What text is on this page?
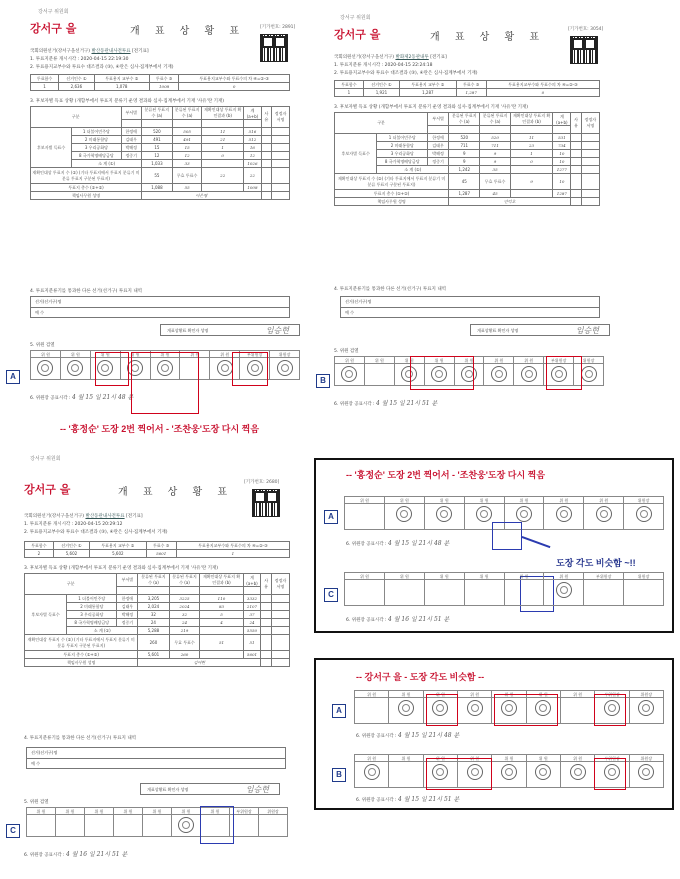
강서구 위원회
강서구 을	개 표 상 황 표	[기가번호: 2891]
국회의원선거(강서구을선거구) 발산동관내사전투표 [전기표]
1. 투표지분류 개시시각 : 2020-04-15 22:19:30
2. 투표용지교부수와 투표수 대조결과 (③), ④란은 심사·집계부에서 기재)
투표함수	선거인수 ①	투표용지 교부수 ②	투표수 ③	투표용지교부수와 투표수의 차 ④=②-③
1	2,636	1,078	1008	0
3. 후보자별 득표 상황 (개함부에서 투표지 분류기 운영 결과와 심사·집계부에서 기재 '사유'란 기재)
구분		부서별	분류된 투표지 수 (a)	분류된 투표지 수 (a)	재확인대상 투표지 확인결과 (b)	계 (a+b)	사 유	정정자 서명

후보자별 득표수	1 더불어민주당	한정애	520	505	11	516		
	2 미래통합당	김태우	491	491	21	512		
	3 우리공화당	박해정	15	15	1	16		
	8 국가혁명배당금당	정중기	12	12	0	12		
	소 계 (①)		1,033	33		1026		
재확인대상 투표지 수 (②) (기타 투표지에서 투표지 분류기 미분류 투표지 구분된 투표지)			55	무효 투표수	22	22		
투표지 총수 (①+②)			1,088	55		1008		
책임사무원 성명			이은영					
4. 투표지분류기를 통과한 다른 선거(선거구) 투표지 내역
선거(선거구)명
예 수
개표상황표 확인자 성명	임승현
5. 위원 검열
위 원	위 원	위 원	위 원	위 원	위 원	위 원	부위원장	위원장
6. 위원장 공표시각 : 4 월 15 일 21시 48 분
A
강서구 위원회
강서구 을	개 표 상 황 표
[기가번호: 3054]
국회의원선거(강서구을선거구) 발화제2동관내투 [전기표]
1. 투표지분류 개시시각 : 2020-04-15 22:24:18
2. 투표용지교부수와 투표수 대조결과 (③), ④란은 심사·집계부에서 기재)
투표함수	선거인수 ①	투표용지 교부수 ②	투표수 ③	투표용지교부수와 투표수의 차 ④=②-③
1	1,921	1,287	1,287	0
3. 후보자별 득표 상황 (개함부에서 투표지 분류기 운영 결과와 심사·집계부에서 기재 '사유'란 기재)
구분		부서별	분류된 투표지 수 (a)	분류된 투표지 수 (a)	재확인대상 투표지 확인결과 (b)	계 (a+b)	사 유	정정자 서명

후보자별 득표수	1 더불어민주당	한정애	520	520	11	531		
	2 미래통합당	김태우	711	711	23	734		
	3 우리공화당	박해정	9	9	1	10		
	8 국가혁명배당금당	정중기	9	9	0	10		
	소 계 (①)		1,242	35		1277		
재확인대상 투표지 수 (②) (기타 투표지에서 투표지 분류기 미분류 투표지 구분된 투표지)			45	무효 투표수	9	10		
투표지 총수 (①+②)			1,287	45		1287		
책임사무원 성명			안덕호					
4. 투표지분류기를 통과한 다른 선거(선거구) 투표지 내역
선거(선거구)명
예 수
개표상황표 확인자 성명	임승현
5. 위원 검열
위 원	위 원	위 원	위 원	위 원	위 원	위 원	부위원장	위원장
6. 위원장 공표시각 : 4 월 15 일 21시 51 분
B
-- '홍정순' 도장 2번 찍어서 - '조찬웅'도장 다시 찍음
강서구 위원회
강서구 을	개 표 상 황 표
[기가번호: 2680]
국회의원선거(강서구을선거구) 발산동관내사전투표 [전기표]
1. 투표지분류 개시시각 : 2020-04-15 20:29:12
2. 투표용지교부수와 투표수 대조결과 (③), ④란은 심사·집계부에서 기재)
투표함수	선거인수 ①	투표용지 교부수 ②	투표수 ③	투표용지교부수와 투표수의 차 ④=②-③
2	5,602	5,602	5601	1
3. 후보자별 득표 상황 (개함부에서 투표지 분류기 운영 결과와 심사·집계부에서 기재 '사유'란 기재)
구분		부서별	분류된 투표지 수 (a)	분류된 투표지 수 (a)	재확인대상 투표지 확인결과 (b)	계 (a+b)	사 유	정정자 서명

후보자별 득표수	1 더불어민주당	한정애	3,205	3225	110	3332		
	2 미래통합당	김태우	2,024	2024	83	2107		
	3 우리공화당	박해정	32	32	5	37		
	8 국가혁명배당금당	정중기	24	24	4	24		
	소 계 (①)		5,288	219		5550		
재확인대상 투표지 수 (②) (기타 투표지에서 투표지 분류기 미분류 투표지 구분된 투표지)			260	무효 투표수	51	51		
투표지 총수 (①+②)			5,601	260		5601		
책임사무원 성명			김여헌					
4. 투표지분류기를 통과한 다른 선거(선거구) 투표지 내역
선거(선거구)명
예 수
개표상황표 확인자 성명	임승현
5. 위원 검열
위 원	위 원	위 원	위 원	위 원	위 원	위 원	부위원장	위원장
6. 위원장 공표시각 : 4 월 16 일 21시 51 분
C
-- '홍정순' 도장 2번 찍어서 - '조찬웅'도장 다시 찍음
A
위 원	위 원	위 원	위 원	위 원	위 원	위 원	위원장
6. 위원장 공표시각 : 4 월 15 일 21시 48 분
도장 각도 비슷함 ~!!
C
위 원	위 원	위 원	위 원	위 원	위 원	부위원장	위원장
6. 위원장 공표시각 : 4 월 16 일 21시 51 분
-- 강서구 을 - 도장 각도 비슷함 --
A
위 원	위 원	위 원	위 원	위 원	위 원	위 원	부위원장	위원장
6. 위원장 공표시각 : 4 월 15 일 21시 48 분
B
위 원	위 원	위 원	위 원	위 원	위 원	위 원	부위원장	위원장
6. 위원장 공표시각 : 4 월 15 일 21시 51 분
